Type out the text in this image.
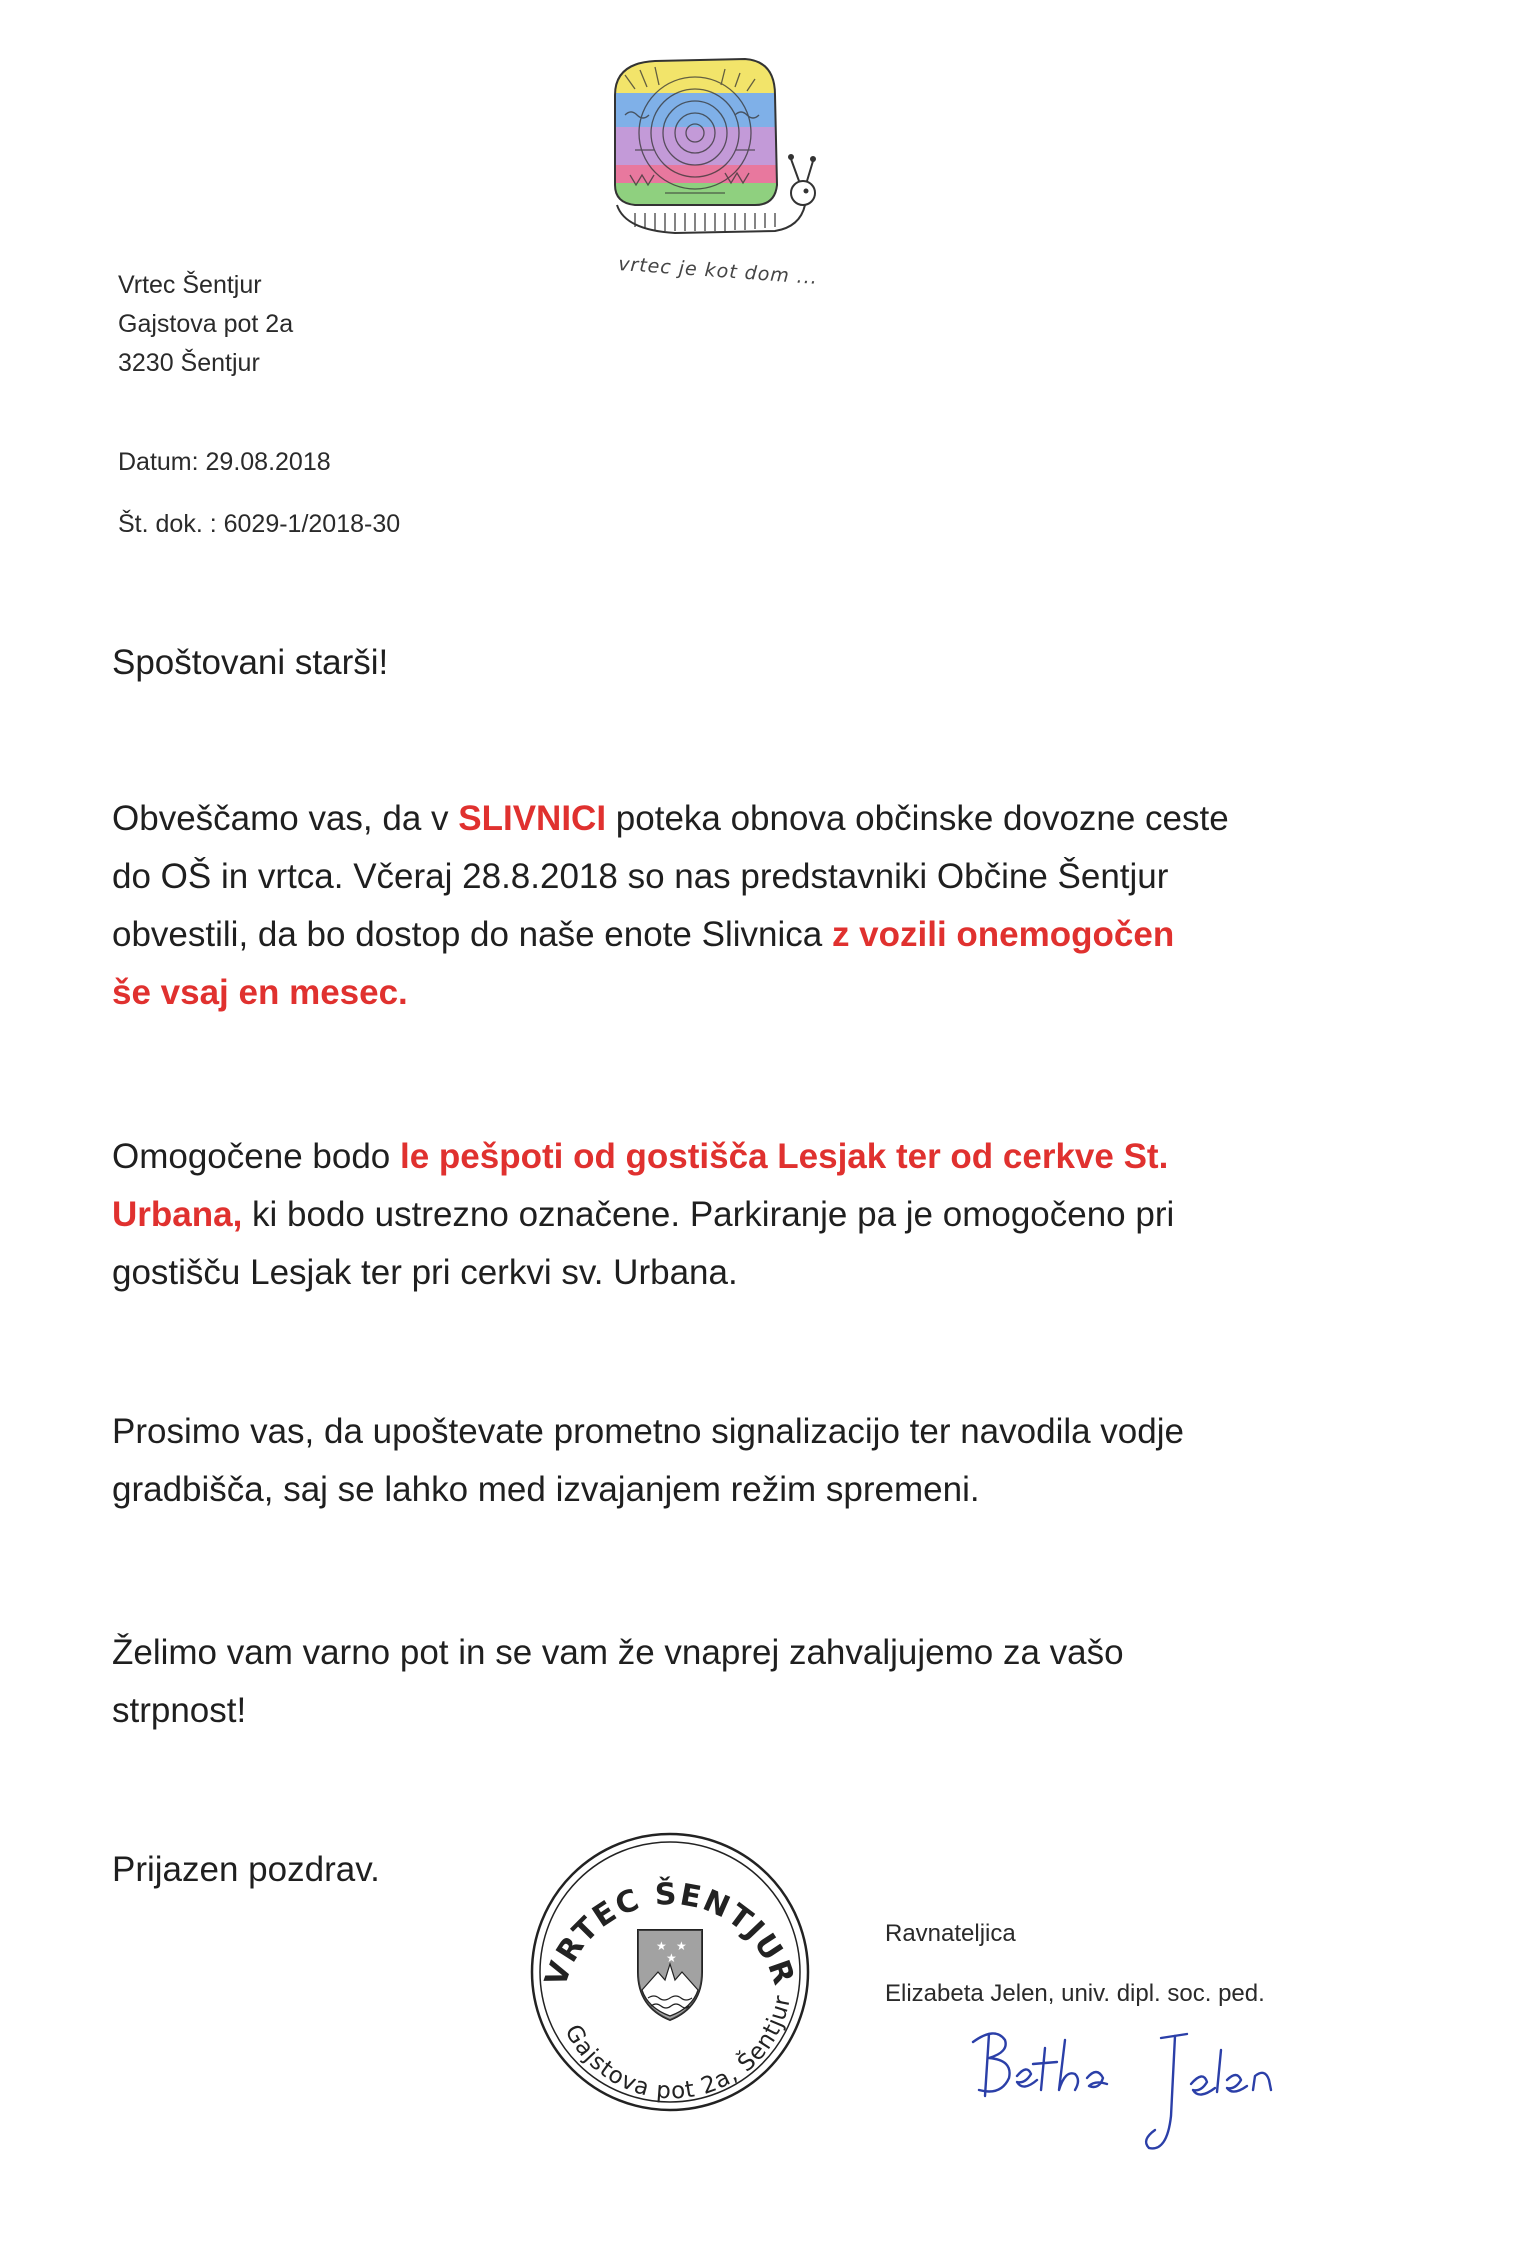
vrtec je kot dom ...
Vrtec Šentjur
Gajstova pot 2a
3230 Šentjur
Datum: 29.08.2018
Št. dok. : 6029-1/2018-30
Spoštovani starši!
Obveščamo vas, da v SLIVNICI poteka obnova občinske dovozne ceste
do OŠ in vrtca. Včeraj 28.8.2018 so nas predstavniki Občine Šentjur
obvestili, da bo dostop do naše enote Slivnica z vozili onemogočen
še vsaj en mesec.
Omogočene bodo le pešpoti od gostišča Lesjak ter od cerkve St.
Urbana, ki bodo ustrezno označene. Parkiranje pa je omogočeno pri
gostišču Lesjak ter pri cerkvi sv. Urbana.
Prosimo vas, da upoštevate prometno signalizacijo ter navodila vodje
gradbišča, saj se lahko med izvajanjem režim spremeni.
Želimo vam varno pot in se vam že vnaprej zahvaljujemo za vašo
strpnost!
Prijazen pozdrav.
VRTEC ŠENTJUR
Gajstova pot 2a, Šentjur
★ ★
★
Ravnateljica
Elizabeta Jelen, univ. dipl. soc. ped.
